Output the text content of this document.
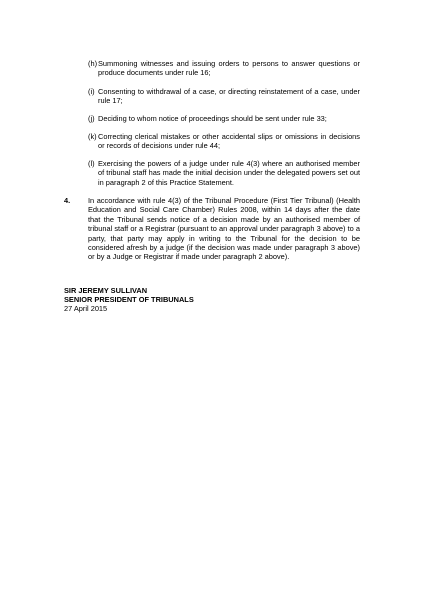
(h) Summoning witnesses and issuing orders to persons to answer questions or produce documents under rule 16;
(i) Consenting to withdrawal of a case, or directing reinstatement of a case, under rule 17;
(j) Deciding to whom notice of proceedings should be sent under rule 33;
(k) Correcting clerical mistakes or other accidental slips or omissions in decisions or records of decisions under rule 44;
(l) Exercising the powers of a judge under rule 4(3) where an authorised member of tribunal staff has made the initial decision under the delegated powers set out in paragraph 2 of this Practice Statement.
4. In accordance with rule 4(3) of the Tribunal Procedure (First Tier Tribunal) (Health Education and Social Care Chamber) Rules 2008, within 14 days after the date that the Tribunal sends notice of a decision made by an authorised member of tribunal staff or a Registrar (pursuant to an approval under paragraph 3 above) to a party, that party may apply in writing to the Tribunal for the decision to be considered afresh by a judge (if the decision was made under paragraph 3 above) or by a Judge or Registrar if made under paragraph 2 above).
SIR JEREMY SULLIVAN
SENIOR PRESIDENT OF TRIBUNALS
27 April 2015
